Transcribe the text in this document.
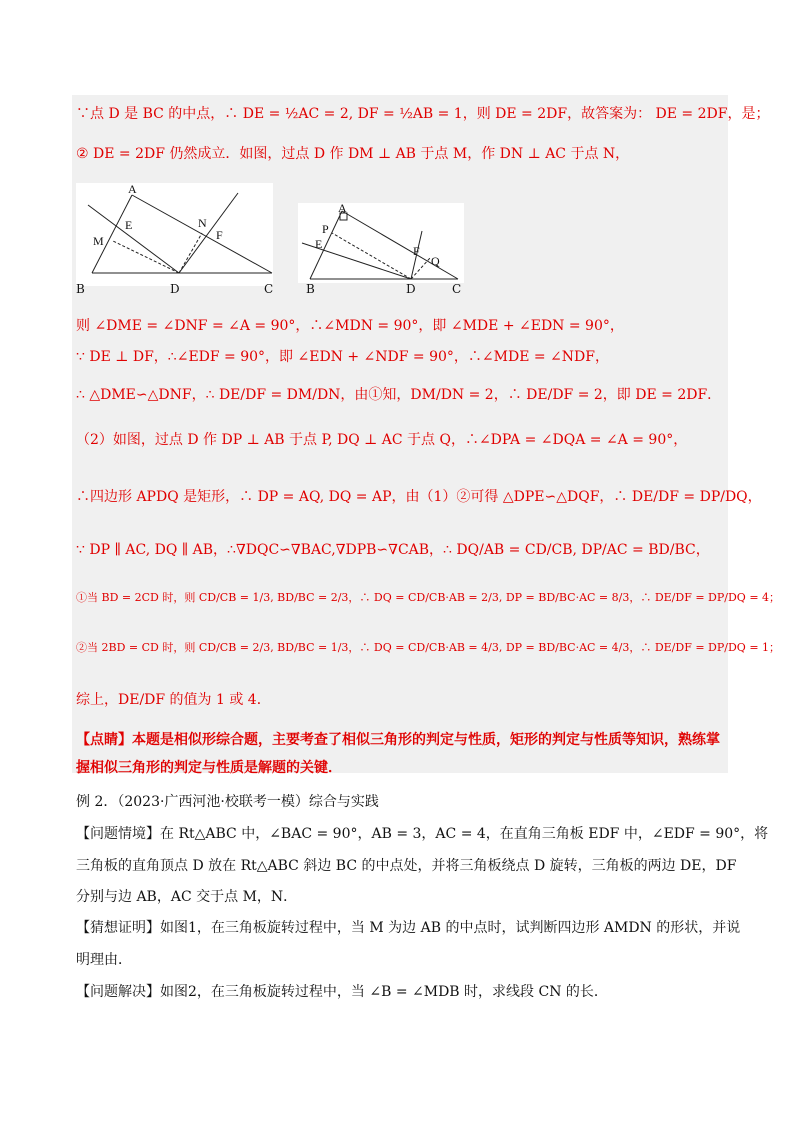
∵点 D 是 BC 的中点，∴ DE = ½AC = 2, DF = ½AB = 1，则 DE = 2DF，故答案为： DE = 2DF，是；
② DE = 2DF 仍然成立．如图，过点 D 作 DM ⊥ AB 于点 M，作 DN ⊥ AC 于点 N，
A
E	N
M	F
B	D	C
A
P
E	F
Q
B	D	C
则 ∠DME = ∠DNF = ∠A = 90°，∴∠MDN = 90°，即 ∠MDE + ∠EDN = 90°，
∵ DE ⊥ DF，∴∠EDF = 90°，即 ∠EDN + ∠NDF = 90°，∴∠MDE = ∠NDF，
∴ △DME∽△DNF，∴ DE/DF = DM/DN，由①知，DM/DN = 2，∴ DE/DF = 2，即 DE = 2DF．
（2）如图，过点 D 作 DP ⊥ AB 于点 P, DQ ⊥ AC 于点 Q，∴∠DPA = ∠DQA = ∠A = 90°，
∴四边形 APDQ 是矩形，∴ DP = AQ, DQ = AP，由（1）②可得 △DPE∽△DQF，∴ DE/DF = DP/DQ，
∵ DP ∥ AC, DQ ∥ AB，∴∇DQC∽∇BAC,∇DPB∽∇CAB，∴ DQ/AB = CD/CB, DP/AC = BD/BC，
①当 BD = 2CD 时，则 CD/CB = 1/3, BD/BC = 2/3，∴ DQ = CD/CB·AB = 2/3, DP = BD/BC·AC = 8/3，∴ DE/DF = DP/DQ = 4；
②当 2BD = CD 时，则 CD/CB = 2/3, BD/BC = 1/3，∴ DQ = CD/CB·AB = 4/3, DP = BD/BC·AC = 4/3，∴ DE/DF = DP/DQ = 1；
综上，DE/DF 的值为 1 或 4．
【点睛】本题是相似形综合题，主要考查了相似三角形的判定与性质，矩形的判定与性质等知识，熟练掌
握相似三角形的判定与性质是解题的关键．
例 2．（2023·广西河池·校联考一模）综合与实践
【问题情境】在 Rt△ABC 中，∠BAC = 90°，AB = 3，AC = 4，在直角三角板 EDF 中，∠EDF = 90°，将
三角板的直角顶点 D 放在 Rt△ABC 斜边 BC 的中点处，并将三角板绕点 D 旋转，三角板的两边 DE，DF
分别与边 AB，AC 交于点 M，N．
【猜想证明】如图1，在三角板旋转过程中，当 M 为边 AB 的中点时，试判断四边形 AMDN 的形状，并说
明理由．
【问题解决】如图2，在三角板旋转过程中，当 ∠B = ∠MDB 时，求线段 CN 的长．
